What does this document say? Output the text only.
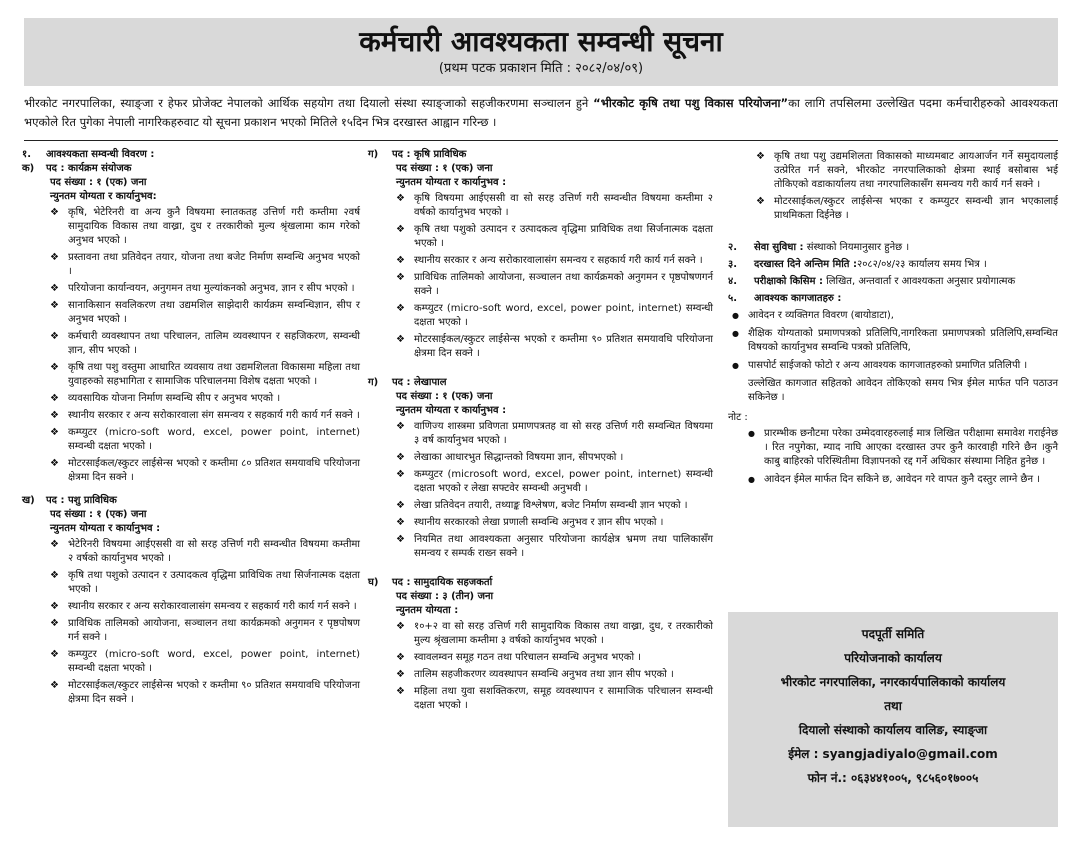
कर्मचारी आवश्यकता सम्वन्धी सूचना
(प्रथम पटक प्रकाशन मिति : २०८२/०४/०९)
भीरकोट नगरपालिका, स्याङ्जा र हेफर प्रोजेक्ट नेपालको आर्थिक सहयोग तथा दियालो संस्था स्याङ्जाको सहजीकरणमा सञ्चालन हुने “भीरकोट कृषि तथा पशु विकास परियोजना”का लागि तपसिलमा उल्लेखित पदमा कर्मचारीहरुको आवश्यकता भएकोले रित पुगेका नेपाली नागरिकहरुवाट यो सूचना प्रकाशन भएको मितिले १५दिन भित्र दरखास्त आह्वान गरिन्छ ।
१.	आवश्यकता सम्वन्धी विवरण :
क)	पद : कार्यक्रम संयोजक
पद संख्या : १ (एक) जना
न्युनतम योग्यता र कार्यानुभव:
❖ कृषि, भेटेरिनरी वा अन्य कुनै विषयमा स्नातकतह उत्तिर्ण गरी कम्तीमा २वर्ष सामुदायिक विकास तथा वाख्रा, दुध र तरकारीको मुल्य श्रृंखलामा काम गरेको अनुभव भएको ।
❖ प्रस्तावना तथा प्रतिवेदन तयार, योजना तथा बजेट निर्माण सम्वन्धि अनुभव भएको ।
❖ परियोजना कार्यान्वयन, अनुगमन तथा मुल्यांकनको अनुभव, ज्ञान र सीप भएको ।
❖ सानाकिसान सवलिकरण तथा उद्यमशिल साझेदारी कार्यक्रम सम्वन्धिज्ञान, सीप र अनुभव भएको ।
❖ कर्मचारी व्यवस्थापन तथा परिचालन, तालिम व्यवस्थापन र सहजिकरण, सम्वन्धी ज्ञान, सीप भएको ।
❖ कृषि तथा पशु वस्तुमा आधारित व्यवसाय तथा उद्यमशिलता विकासमा महिला तथा युवाहरुको सहभागिता र सामाजिक परिचालनमा विशेष दक्षता भएको ।
❖ व्यवसायिक योजना निर्माण सम्वन्धि सीप र अनुभव भएको ।
❖ स्थानीय सरकार र अन्य सरोकारवाला संग समन्वय र सहकार्य गरी कार्य गर्न सक्ने ।
❖ कम्प्युटर (micro-soft word, excel, power point, internet) सम्वन्धी दक्षता भएको ।
❖ मोटरसाईकल/स्कुटर लाईसेन्स भएको र कम्तीमा ८० प्रतिशत समयावधि परियोजना क्षेत्रमा दिन सक्ने ।
ख)	पद : पशु प्राविधिक
पद संख्या : १ (एक) जना
न्युनतम योग्यता र कार्यानुभव :
❖ भेटेरिनरी विषयमा आईएससी वा सो सरह उत्तिर्ण गरी सम्वन्धीत विषयमा कम्तीमा २ वर्षको कार्यानुभव भएको ।
❖ कृषि तथा पशुको उत्पादन र उत्पादकत्व वृद्धिमा प्राविधिक तथा सिर्जनात्मक दक्षता भएको ।
❖ स्थानीय सरकार र अन्य सरोकारवालासंग समन्वय र सहकार्य गरी कार्य गर्न सक्ने ।
❖ प्राविधिक तालिमको आयोजना, सञ्चालन तथा कार्यक्रमको अनुगमन र पृष्ठपोषण गर्न सक्ने ।
❖ कम्प्युटर (micro-soft word, excel, power point, internet) सम्वन्धी दक्षता भएको ।
❖ मोटरसाईकल/स्कुटर लाईसेन्स भएको र कम्तीमा ९० प्रतिशत समयावधि परियोजना क्षेत्रमा दिन सक्ने ।
ग)	पद : कृषि प्राविधिक
पद संख्या : १ (एक) जना
न्युनतम योग्यता र कार्यानुभव :
❖ कृषि विषयमा आईएससी वा सो सरह उत्तिर्ण गरी सम्वन्धीत विषयमा कम्तीमा २ वर्षको कार्यानुभव भएको ।
❖ कृषि तथा पशुको उत्पादन र उत्पादकत्व वृद्धिमा प्राविधिक तथा सिर्जनात्मक दक्षता भएको ।
❖ स्थानीय सरकार र अन्य सरोकारवालासंग समन्वय र सहकार्य गरी कार्य गर्न सक्ने ।
❖ प्राविधिक तालिमको आयोजना, सञ्चालन तथा कार्यक्रमको अनुगमन र पृष्ठपोषणगर्न सक्ने ।
❖ कम्प्युटर (micro-soft word, excel, power point, internet) सम्वन्धी दक्षता भएको ।
❖ मोटरसाईकल/स्कुटर लाईसेन्स भएको र कम्तीमा ९० प्रतिशत समयावधि परियोजना क्षेत्रमा दिन सक्ने ।
ग)	पद : लेखापाल
पद संख्या : १ (एक) जना
न्युनतम योग्यता र कार्यानुभव :
❖ वाणिज्य शास्त्रमा प्रविणता प्रमाणपत्रतह वा सो सरह उत्तिर्ण गरी सम्वन्धित विषयमा ३ वर्ष कार्यानुभव भएको ।
❖ लेखाका आधारभुत सिद्धान्तको विषयमा ज्ञान, सीपभएको ।
❖ कम्प्युटर (microsoft word, excel, power point, internet) सम्वन्धी दक्षता भएको र लेखा सफ्टवेर सम्वन्धी अनुभवी ।
❖ लेखा प्रतिवेदन तयारी, तथ्याङ्क विश्लेषण, बजेट निर्माण सम्वन्धी ज्ञान भएको ।
❖ स्थानीय सरकारको लेखा प्रणाली सम्वन्धि अनुभव र ज्ञान सीप भएको ।
❖ नियमित तथा आवश्यकता अनुसार परियोजना कार्यक्षेत्र भ्रमण तथा पालिकासँग समन्वय र सम्पर्क राख्न सक्ने ।
घ)	पद : सामुदायिक सहजकर्ता
पद संख्या : ३ (तीन) जना
न्युनतम योग्यता :
❖ १०+२ वा सो सरह उत्तिर्ण गरी सामुदायिक विकास तथा वाख्रा, दुध, र तरकारीको मुल्य श्रृंखलामा कम्तीमा ३ वर्षको कार्यानुभव भएको ।
❖ स्वावलम्वन समूह गठन तथा परिचालन सम्वन्धि अनुभव भएको ।
❖ तालिम सहजीकरणर व्यवस्थापन सम्वन्धि अनुभव तथा ज्ञान सीप भएको ।
❖ महिला तथा युवा सशक्तिकरण, समूह व्यवस्थापन र सामाजिक परिचालन सम्वन्धी दक्षता भएको ।
❖ कृषि तथा पशु उद्यमशिलता विकासको माध्यमबाट आयआर्जन गर्ने समुदायलाई उत्प्रेरित गर्न सक्ने, भीरकोट नगरपालिकाको क्षेत्रमा स्थाई बसोबास भई तोकिएको वडाकार्यालय तथा नगरपालिकासँग समन्वय गरी कार्य गर्न सक्ने ।
❖ मोटरसाईकल/स्कुटर लाईसेन्स भएका र कम्प्युटर सम्वन्धी ज्ञान भएकालाई प्राथमिकता दिईनेछ ।
२.	सेवा सुविधा : संस्थाको नियमानुसार हुनेछ ।
३.	दरखास्त दिने अन्तिम मिति :२०८२/०४/२३ कार्यालय समय भित्र ।
४.	परीक्षाको किसिम : लिखित, अन्तवार्ता र आवश्यकता अनुसार प्रयोगात्मक
५.	आवश्यक कागजातहरु :
● आवेदन र व्यक्तिगत विवरण (बायोडाटा),
● शैक्षिक योग्यताको प्रमाणपत्रको प्रतिलिपि,नागरिकता प्रमाणपत्रको प्रतिलिपि,सम्वन्धित विषयको कार्यानुभव सम्वन्धि पत्रको प्रतिलिपि,
● पासपोर्ट साईजको फोटो र अन्य आवश्यक कागजातहरुको प्रमाणित प्रतिलिपी ।
उल्लेखित कागजात सहितको आवेदन तोकिएको समय भित्र ईमेल मार्फत पनि पठाउन सकिनेछ ।
नोट :
● प्रारम्भीक छनौटमा परेका उम्मेदवारहरुलाई मात्र लिखित परीक्षामा समावेश गराईनेछ । रित नपुगेका, म्याद नाघि आएका दरखास्त उपर कुनै कारवाही गरिने छैन ।कुनै काबु बाहिरको परिस्थितीमा विज्ञापनको रद्द गर्ने अधिकार संस्थामा निहित हुनेछ ।
● आवेदन ईमेल मार्फत दिन सकिने छ, आवेदन गरे वापत कुनै दस्तुर लाग्ने छैन ।
पदपूर्ती समिति
परियोजनाको कार्यालय
भीरकोट नगरपालिका, नगरकार्यपालिकाको कार्यालय
तथा
दियालो संस्थाको कार्यालय वालिङ, स्याङ्जा
ईमेल : syangjadiyalo@gmail.com
फोन नं.: ०६३४४१००५, ९८५६०१७००५
